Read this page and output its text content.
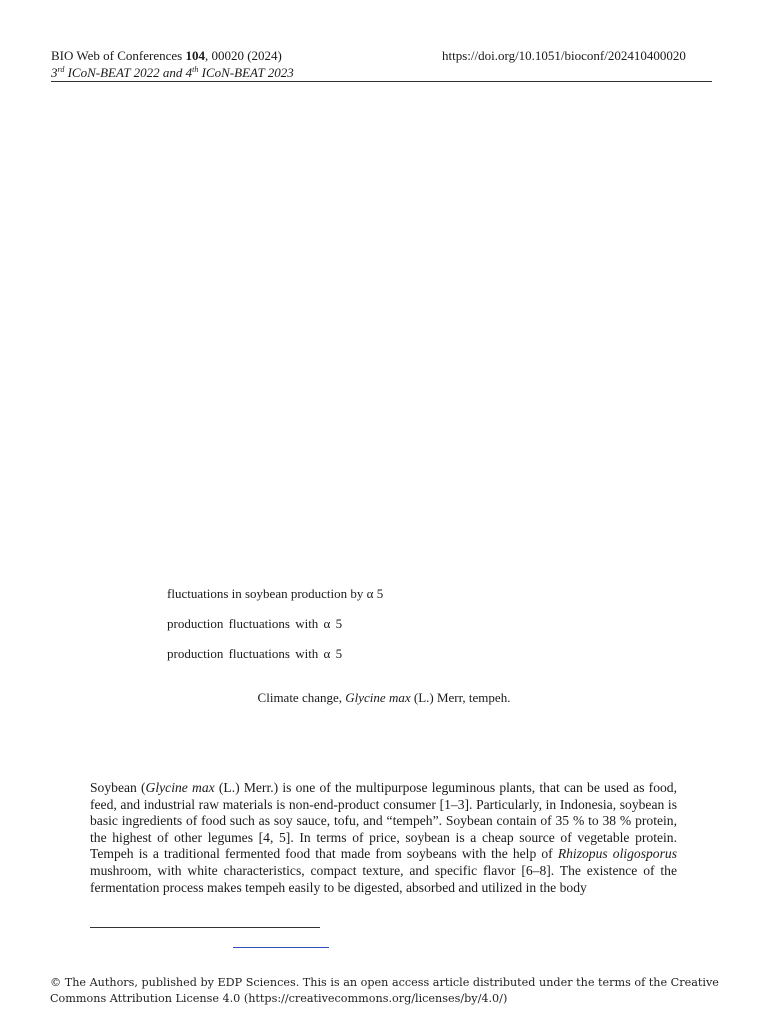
BIO Web of Conferences 104, 00020 (2024)
3rd ICoN-BEAT 2022 and 4th ICoN-BEAT 2023
https://doi.org/10.1051/bioconf/202410400020
fluctuations in soybean production by α 5
production fluctuations with α 5
production fluctuations with α 5
Climate change, Glycine max (L.) Merr, tempeh.
Soybean (Glycine max (L.) Merr.) is one of the multipurpose leguminous plants, that can be used as food, feed, and industrial raw materials is non-end-product consumer [1–3]. Particularly, in Indonesia, soybean is basic ingredients of food such as soy sauce, tofu, and “tempeh”. Soybean contain of 35 % to 38 % protein, the highest of other legumes [4, 5]. In terms of price, soybean is a cheap source of vegetable protein. Tempeh is a traditional fermented food that made from soybeans with the help of Rhizopus oligosporus mushroom, with white characteristics, compact texture, and specific flavor [6–8]. The existence of the fermentation process makes tempeh easily to be digested, absorbed and utilized in the body
© The Authors, published by EDP Sciences. This is an open access article distributed under the terms of the Creative Commons Attribution License 4.0 (https://creativecommons.org/licenses/by/4.0/)
